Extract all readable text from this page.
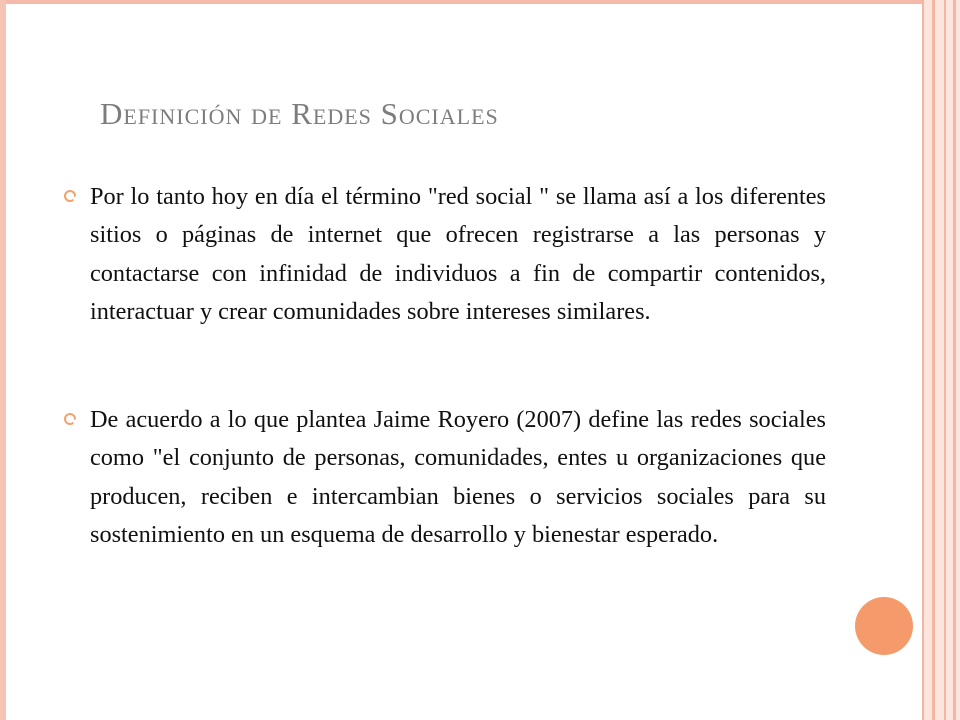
Definición de Redes Sociales
Por lo tanto hoy en día el término "red social " se llama así a los diferentes sitios o páginas de internet que ofrecen registrarse a las personas y contactarse con infinidad de individuos a fin de compartir contenidos, interactuar y crear comunidades sobre intereses similares.
De acuerdo a lo que plantea Jaime Royero (2007) define las redes sociales como "el conjunto de personas, comunidades, entes u organizaciones que producen, reciben e intercambian bienes o servicios sociales para su sostenimiento en un esquema de desarrollo y bienestar esperado.
